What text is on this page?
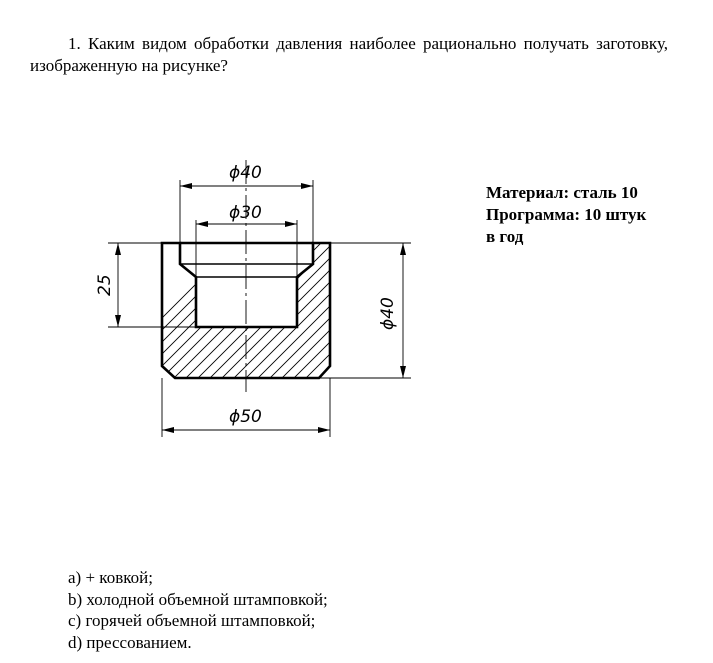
1. Каким видом обработки давления наиболее рационально получать заготовку, изображенную на рисунке?

ϕ40
ϕ30
25
ϕ40
ϕ50
Материал: сталь 10
Программа: 10 штук
в год
a) + ковкой;
b) холодной объемной штамповкой;
c) горячей объемной штамповкой;
d) прессованием.
